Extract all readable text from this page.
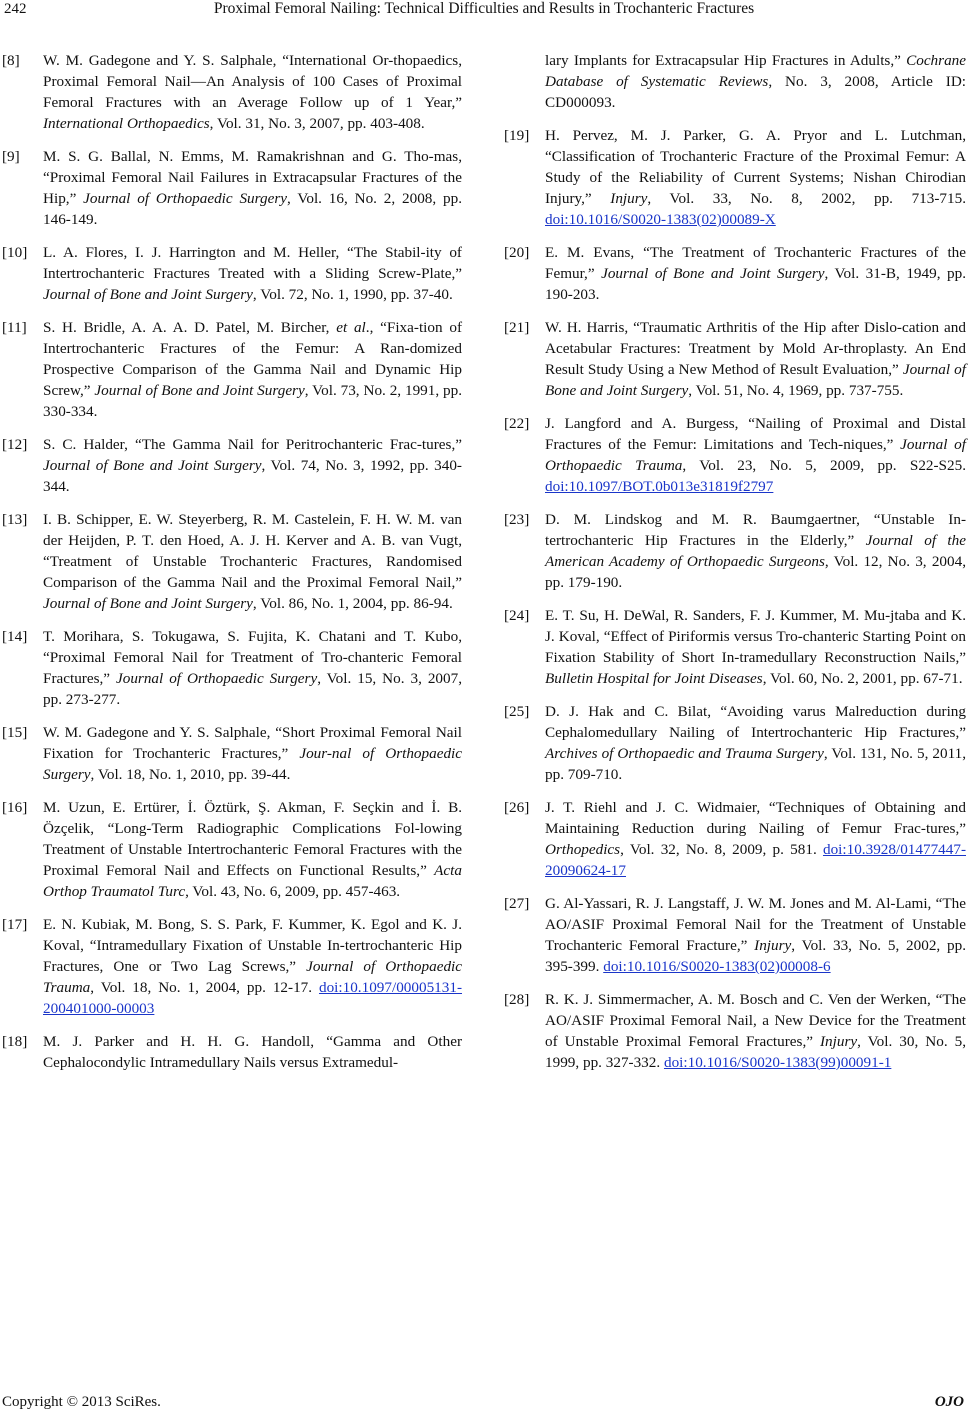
242	Proximal Femoral Nailing: Technical Difficulties and Results in Trochanteric Fractures
[8]	W. M. Gadegone and Y. S. Salphale, “International Or-thopaedics, Proximal Femoral Nail—An Analysis of 100 Cases of Proximal Femoral Fractures with an Average Follow up of 1 Year,” International Orthopaedics, Vol. 31, No. 3, 2007, pp. 403-408.
[9]	M. S. G. Ballal, N. Emms, M. Ramakrishnan and G. Tho-mas, “Proximal Femoral Nail Failures in Extracapsular Fractures of the Hip,” Journal of Orthopaedic Surgery, Vol. 16, No. 2, 2008, pp. 146-149.
[10]	L. A. Flores, I. J. Harrington and M. Heller, “The Stabil-ity of Intertrochanteric Fractures Treated with a Sliding Screw-Plate,” Journal of Bone and Joint Surgery, Vol. 72, No. 1, 1990, pp. 37-40.
[11]	S. H. Bridle, A. A. A. D. Patel, M. Bircher, et al., “Fixa-tion of Intertrochanteric Fractures of the Femur: A Ran-domized Prospective Comparison of the Gamma Nail and Dynamic Hip Screw,” Journal of Bone and Joint Surgery, Vol. 73, No. 2, 1991, pp. 330-334.
[12]	S. C. Halder, “The Gamma Nail for Peritrochanteric Frac-tures,” Journal of Bone and Joint Surgery, Vol. 74, No. 3, 1992, pp. 340-344.
[13]	I. B. Schipper, E. W. Steyerberg, R. M. Castelein, F. H. W. M. van der Heijden, P. T. den Hoed, A. J. H. Kerver and A. B. van Vugt, “Treatment of Unstable Trochanteric Fractures, Randomised Comparison of the Gamma Nail and the Proximal Femoral Nail,” Journal of Bone and Joint Surgery, Vol. 86, No. 1, 2004, pp. 86-94.
[14]	T. Morihara, S. Tokugawa, S. Fujita, K. Chatani and T. Kubo, “Proximal Femoral Nail for Treatment of Tro-chanteric Femoral Fractures,” Journal of Orthopaedic Surgery, Vol. 15, No. 3, 2007, pp. 273-277.
[15]	W. M. Gadegone and Y. S. Salphale, “Short Proximal Femoral Nail Fixation for Trochanteric Fractures,” Jour-nal of Orthopaedic Surgery, Vol. 18, No. 1, 2010, pp. 39-44.
[16]	M. Uzun, E. Ertürer, İ. Öztürk, Ş. Akman, F. Seçkin and İ. B. Özçelik, “Long-Term Radiographic Complications Fol-lowing Treatment of Unstable Intertrochanteric Femoral Fractures with the Proximal Femoral Nail and Effects on Functional Results,” Acta Orthop Traumatol Turc, Vol. 43, No. 6, 2009, pp. 457-463.
[17]	E. N. Kubiak, M. Bong, S. S. Park, F. Kummer, K. Egol and K. J. Koval, “Intramedullary Fixation of Unstable In-tertrochanteric Hip Fractures, One or Two Lag Screws,” Journal of Orthopaedic Trauma, Vol. 18, No. 1, 2004, pp. 12-17. doi:10.1097/00005131-200401000-00003
[18]	M. J. Parker and H. H. G. Handoll, “Gamma and Other Cephalocondylic Intramedullary Nails versus Extramedul-
lary Implants for Extracapsular Hip Fractures in Adults,” Cochrane Database of Systematic Reviews, No. 3, 2008, Article ID: CD000093.
[19]	H. Pervez, M. J. Parker, G. A. Pryor and L. Lutchman, “Classification of Trochanteric Fracture of the Proximal Femur: A Study of the Reliability of Current Systems; Nishan Chirodian Injury,” Injury, Vol. 33, No. 8, 2002, pp. 713-715. doi:10.1016/S0020-1383(02)00089-X
[20]	E. M. Evans, “The Treatment of Trochanteric Fractures of the Femur,” Journal of Bone and Joint Surgery, Vol. 31-B, 1949, pp. 190-203.
[21]	W. H. Harris, “Traumatic Arthritis of the Hip after Dislo-cation and Acetabular Fractures: Treatment by Mold Ar-throplasty. An End Result Study Using a New Method of Result Evaluation,” Journal of Bone and Joint Surgery, Vol. 51, No. 4, 1969, pp. 737-755.
[22]	J. Langford and A. Burgess, “Nailing of Proximal and Distal Fractures of the Femur: Limitations and Tech-niques,” Journal of Orthopaedic Trauma, Vol. 23, No. 5, 2009, pp. S22-S25. doi:10.1097/BOT.0b013e31819f2797
[23]	D. M. Lindskog and M. R. Baumgaertner, “Unstable In-tertrochanteric Hip Fractures in the Elderly,” Journal of the American Academy of Orthopaedic Surgeons, Vol. 12, No. 3, 2004, pp. 179-190.
[24]	E. T. Su, H. DeWal, R. Sanders, F. J. Kummer, M. Mu-jtaba and K. J. Koval, “Effect of Piriformis versus Tro-chanteric Starting Point on Fixation Stability of Short In-tramedullary Reconstruction Nails,” Bulletin Hospital for Joint Diseases, Vol. 60, No. 2, 2001, pp. 67-71.
[25]	D. J. Hak and C. Bilat, “Avoiding varus Malreduction during Cephalomedullary Nailing of Intertrochanteric Hip Fractures,” Archives of Orthopaedic and Trauma Surgery, Vol. 131, No. 5, 2011, pp. 709-710.
[26]	J. T. Riehl and J. C. Widmaier, “Techniques of Obtaining and Maintaining Reduction during Nailing of Femur Frac-tures,” Orthopedics, Vol. 32, No. 8, 2009, p. 581. doi:10.3928/01477447-20090624-17
[27]	G. Al-Yassari, R. J. Langstaff, J. W. M. Jones and M. Al-Lami, “The AO/ASIF Proximal Femoral Nail for the Treatment of Unstable Trochanteric Femoral Fracture,” Injury, Vol. 33, No. 5, 2002, pp. 395-399. doi:10.1016/S0020-1383(02)00008-6
[28]	R. K. J. Simmermacher, A. M. Bosch and C. Ven der Werken, “The AO/ASIF Proximal Femoral Nail, a New Device for the Treatment of Unstable Proximal Femoral Fractures,” Injury, Vol. 30, No. 5, 1999, pp. 327-332. doi:10.1016/S0020-1383(99)00091-1
Copyright © 2013 SciRes.	OJO
